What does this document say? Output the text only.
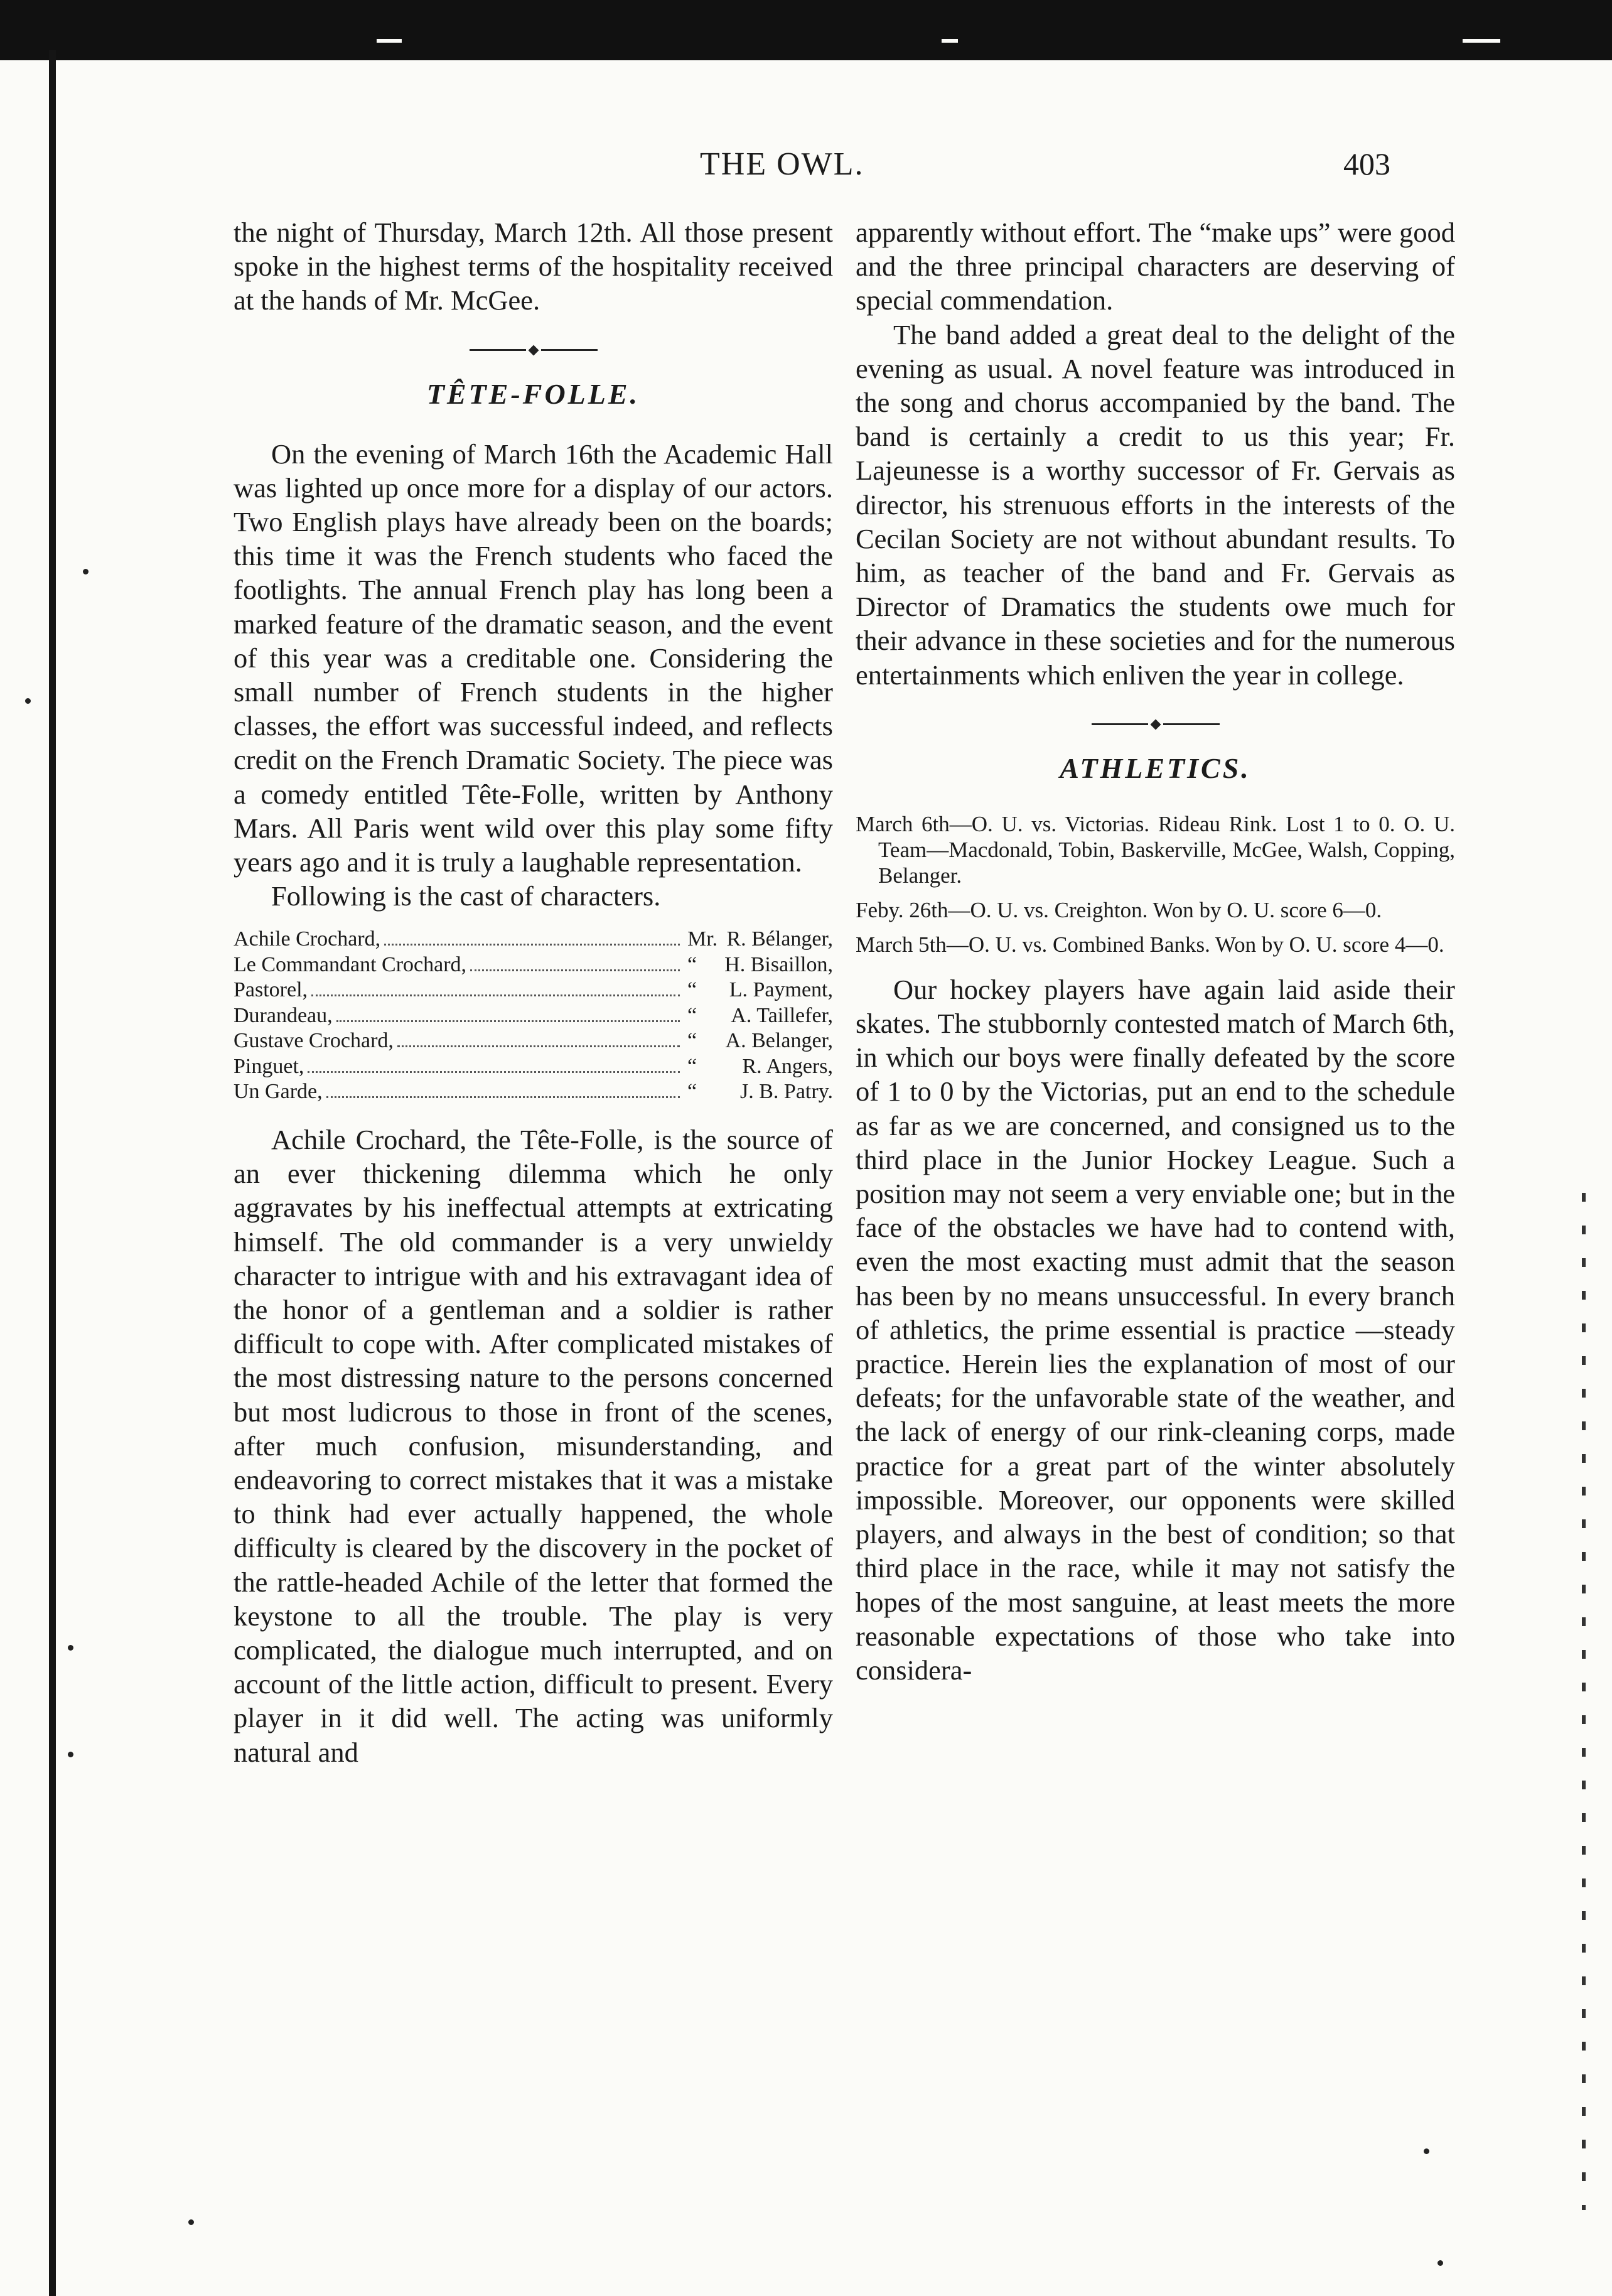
THE OWL.	403

the night of Thursday, March 12th. All those present spoke in the highest terms of the hospitality received at the hands of Mr. McGee.

TÊTE-FOLLE.

On the evening of March 16th the Academic Hall was lighted up once more for a display of our actors. Two English plays have already been on the boards; this time it was the French students who faced the footlights. The annual French play has long been a marked feature of the dramatic season, and the event of this year was a creditable one. Considering the small number of French students in the higher classes, the effort was successful indeed, and reflects credit on the French Dramatic Society. The piece was a comedy entitled Tête-Folle, written by Anthony Mars. All Paris went wild over this play some fifty years ago and it is truly a laughable representation.

Following is the cast of characters.

Achile Crochard,	Mr. R. Bélanger,
Le Commandant Crochard,	“	H. Bisaillon,
Pastorel,	“	L. Payment,
Durandeau,	“	A. Taillefer,
Gustave Crochard,	“	A. Belanger,
Pinguet,	“	R. Angers,
Un Garde,	“	J. B. Patry.

Achile Crochard, the Tête-Folle, is the source of an ever thickening dilemma which he only aggravates by his ineffectual attempts at extricating himself. The old commander is a very unwieldy character to intrigue with and his extravagant idea of the honor of a gentleman and a soldier is rather difficult to cope with. After complicated mistakes of the most distressing nature to the persons concerned but most ludicrous to those in front of the scenes, after much confusion, misunderstanding, and endeavoring to correct mistakes that it was a mistake to think had ever actually happened, the whole difficulty is cleared by the discovery in the pocket of the rattle-headed Achile of the letter that formed the keystone to all the trouble. The play is very complicated, the dialogue much interrupted, and on account of the little action, difficult to present. Every player in it did well. The acting was uniformly natural and

apparently without effort. The “make ups” were good and the three principal characters are deserving of special commendation.

The band added a great deal to the delight of the evening as usual. A novel feature was introduced in the song and chorus accompanied by the band. The band is certainly a credit to us this year; Fr. Lajeunesse is a worthy successor of Fr. Gervais as director, his strenuous efforts in the interests of the Cecilan Society are not without abundant results. To him, as teacher of the band and Fr. Gervais as Director of Dramatics the students owe much for their advance in these societies and for the numerous entertainments which enliven the year in college.

ATHLETICS.

March 6th—O. U. vs. Victorias. Rideau Rink. Lost 1 to 0. O. U. Team—Macdonald, Tobin, Baskerville, McGee, Walsh, Copping, Belanger.

Feby. 26th—O. U. vs. Creighton. Won by O. U. score 6—0.

March 5th—O. U. vs. Combined Banks. Won by O. U. score 4—0.

Our hockey players have again laid aside their skates. The stubbornly contested match of March 6th, in which our boys were finally defeated by the score of 1 to 0 by the Victorias, put an end to the schedule as far as we are concerned, and consigned us to the third place in the Junior Hockey League. Such a position may not seem a very enviable one; but in the face of the obstacles we have had to contend with, even the most exacting must admit that the season has been by no means unsuccessful. In every branch of athletics, the prime essential is practice —steady practice. Herein lies the explanation of most of our defeats; for the unfavorable state of the weather, and the lack of energy of our rink-cleaning corps, made practice for a great part of the winter absolutely impossible. Moreover, our opponents were skilled players, and always in the best of condition; so that third place in the race, while it may not satisfy the hopes of the most sanguine, at least meets the more reasonable expectations of those who take into considera-
